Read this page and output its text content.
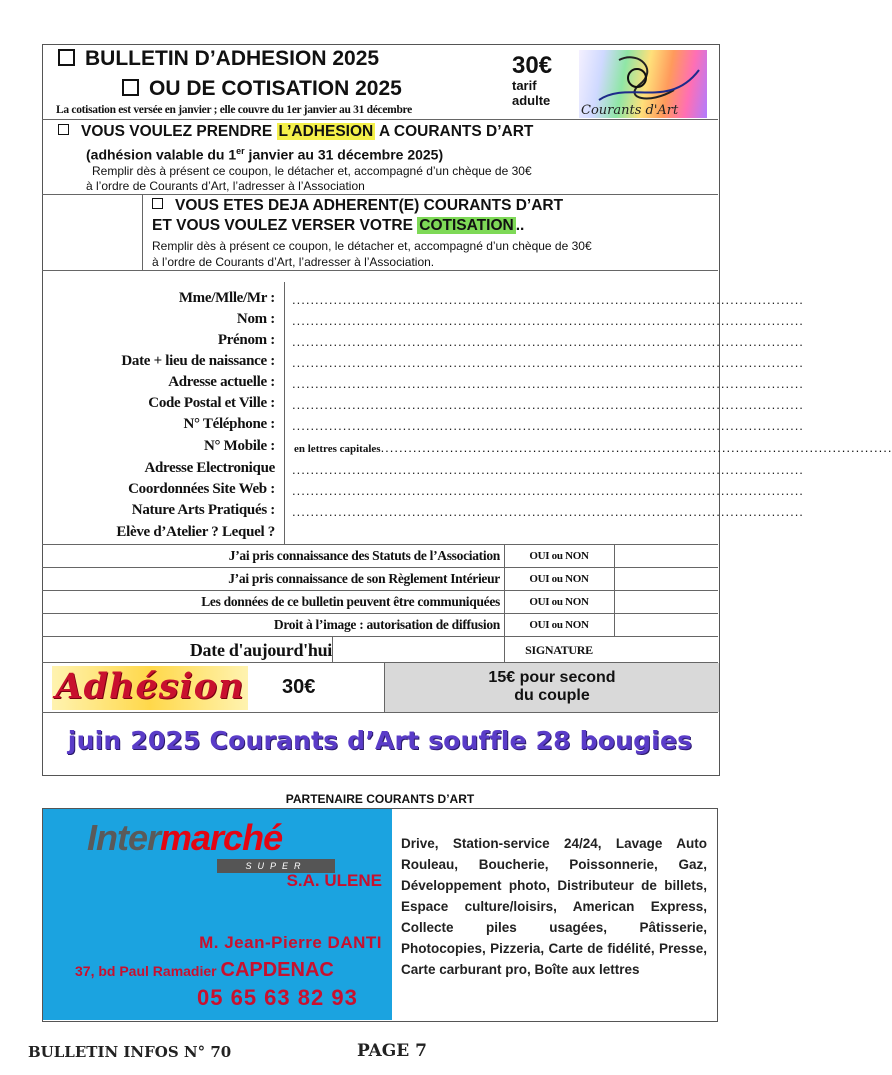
BULLETIN D’ADHESION 2025
OU DE COTISATION 2025
La cotisation est versée en janvier ; elle couvre du 1er janvier au 31 décembre
30€
tarif
adulte
Courants d'Art
VOUS VOULEZ PRENDRE L’ADHESION A COURANTS D’ART
(adhésion valable du 1er janvier au 31 décembre 2025)
Remplir dès à présent ce coupon, le détacher et, accompagné d’un chèque de 30€
à l’ordre de Courants d’Art, l’adresser à l’Association
VOUS ETES DEJA ADHERENT(E) COURANTS D’ART
ET VOUS VOULEZ VERSER VOTRE COTISATION ..
Remplir dès à présent ce coupon, le détacher et, accompagné d’un chèque de 30€
à l’ordre de Courants d’Art, l’adresser à l’Association.
Mme/Mlle/Mr : ...............................................................................................................
Nom : ...............................................................................................................
Prénom : ...............................................................................................................
Date + lieu de naissance : ...............................................................................................................
Adresse actuelle : ...............................................................................................................
Code Postal et Ville : ...............................................................................................................
N° Téléphone : ...............................................................................................................
N° Mobile : en lettres capitales...............................................................................................................
Adresse Electronique ...............................................................................................................
Coordonnées Site Web : ...............................................................................................................
Nature Arts Pratiqués : ...............................................................................................................
Elève d’Atelier ? Lequel ?
J’ai pris connaissance des Statuts de l’Association	OUI ou NON
J’ai pris connaissance de son Règlement Intérieur	OUI ou NON
Les données de ce bulletin peuvent être communiquées	OUI ou NON
Droit à l’image : autorisation de diffusion	OUI ou NON
Date d'aujourd'hui	SIGNATURE
Adhésion 30€	15€ pour second
du couple
juin 2025 Courants d’Art souffle 28 bougies
PARTENAIRE COURANTS D’ART
Intermarché
SUPER
S.A. ULENE
M. Jean-Pierre DANTI
37, bd Paul Ramadier CAPDENAC
05 65 63 82 93
Drive, Station-service 24/24, Lavage Auto Rouleau, Boucherie, Poissonnerie, Gaz, Développement photo, Distributeur de billets, Espace culture/loisirs, American Express, Collecte piles usagées, Pâtisserie, Photocopies, Pizzeria, Carte de fidélité, Presse, Carte carburant pro, Boîte aux lettres
BULLETIN INFOS N° 70	PAGE 7
